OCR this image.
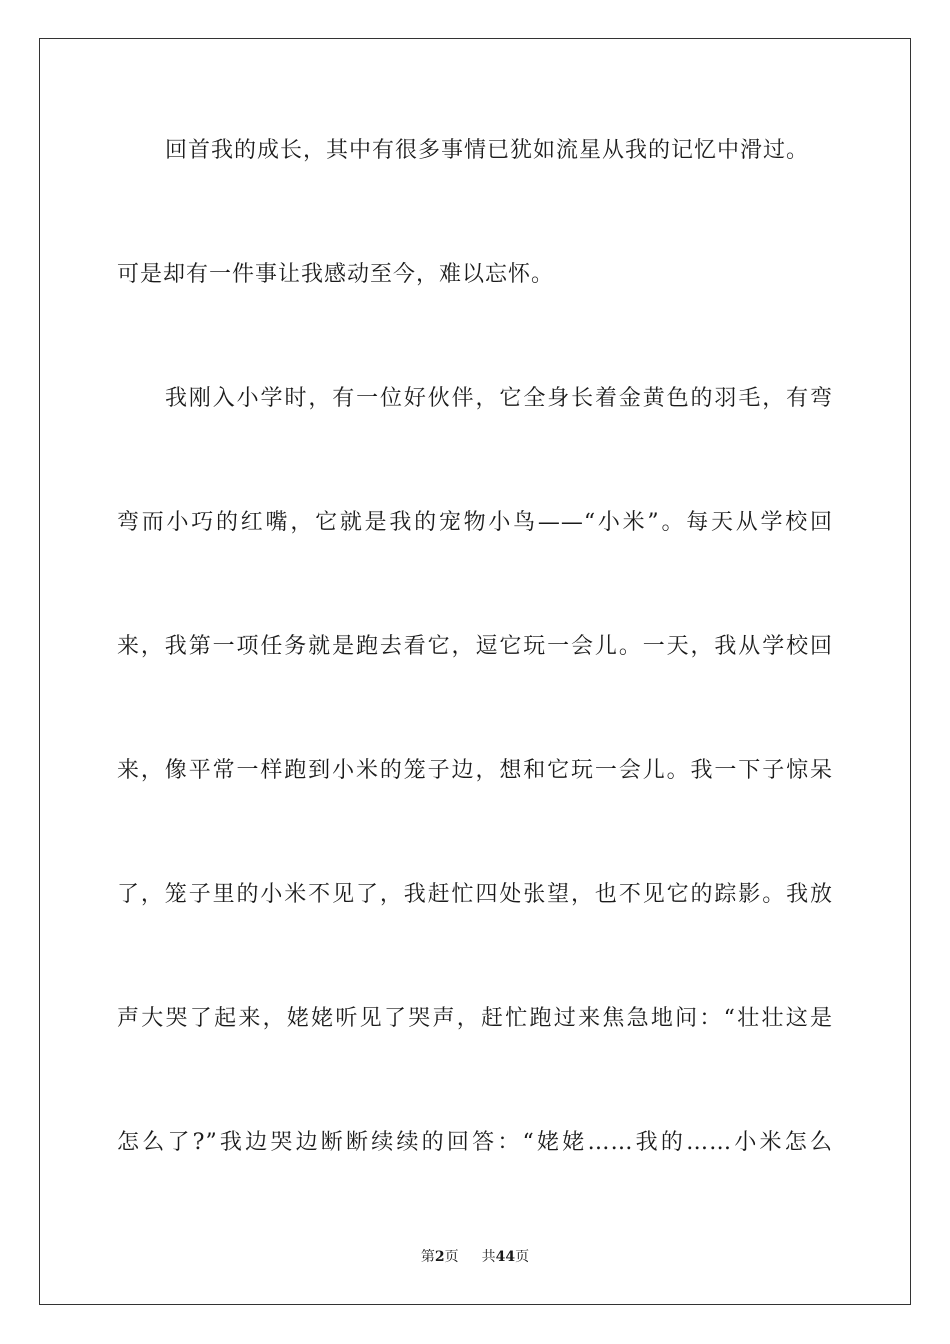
回首我的成长，其中有很多事情已犹如流星从我的记忆中滑过。
可是却有一件事让我感动至今，难以忘怀。
我刚入小学时，有一位好伙伴，它全身长着金黄色的羽毛，有弯
弯而小巧的红嘴，它就是我的宠物小鸟——“小米”。每天从学校回
来，我第一项任务就是跑去看它，逗它玩一会儿。一天，我从学校回
来，像平常一样跑到小米的笼子边，想和它玩一会儿。我一下子惊呆
了，笼子里的小米不见了，我赶忙四处张望，也不见它的踪影。我放
声大哭了起来，姥姥听见了哭声，赶忙跑过来焦急地问：“壮壮这是
怎么了?”我边哭边断断续续的回答：“姥姥……我的……小米怎么
第2页 共44页
